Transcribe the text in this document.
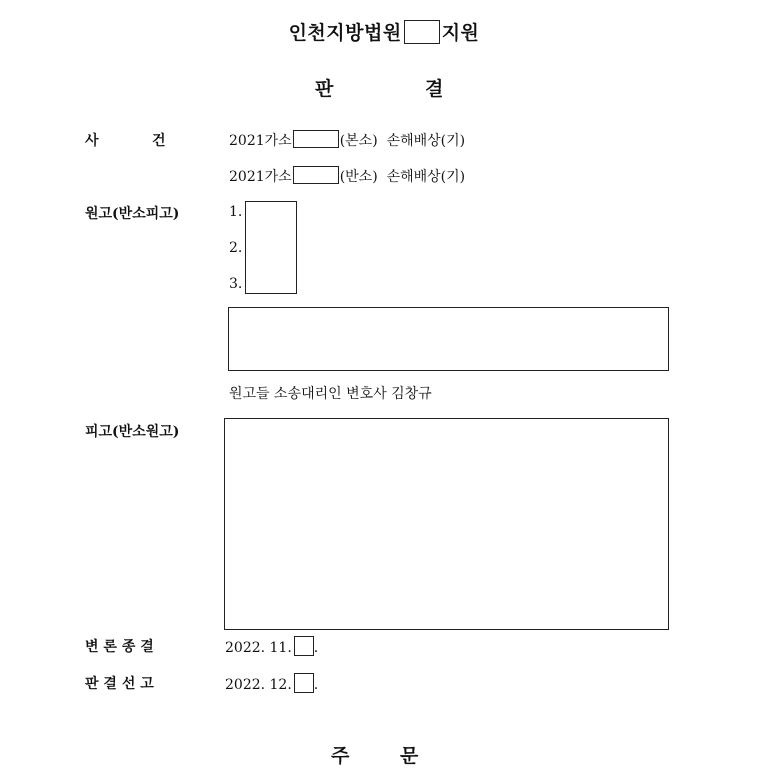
인천지방법원 지원
판	결
사	건	2021가소	(본소) 손해배상(기)
2021가소	(반소) 손해배상(기)
원고(반소피고)	1.
2.
3.
원고들 소송대리인 변호사 김창규
피고(반소원고)
변 론 종 결	2022. 11. .
판 결 선 고	2022. 12. .
주	문
